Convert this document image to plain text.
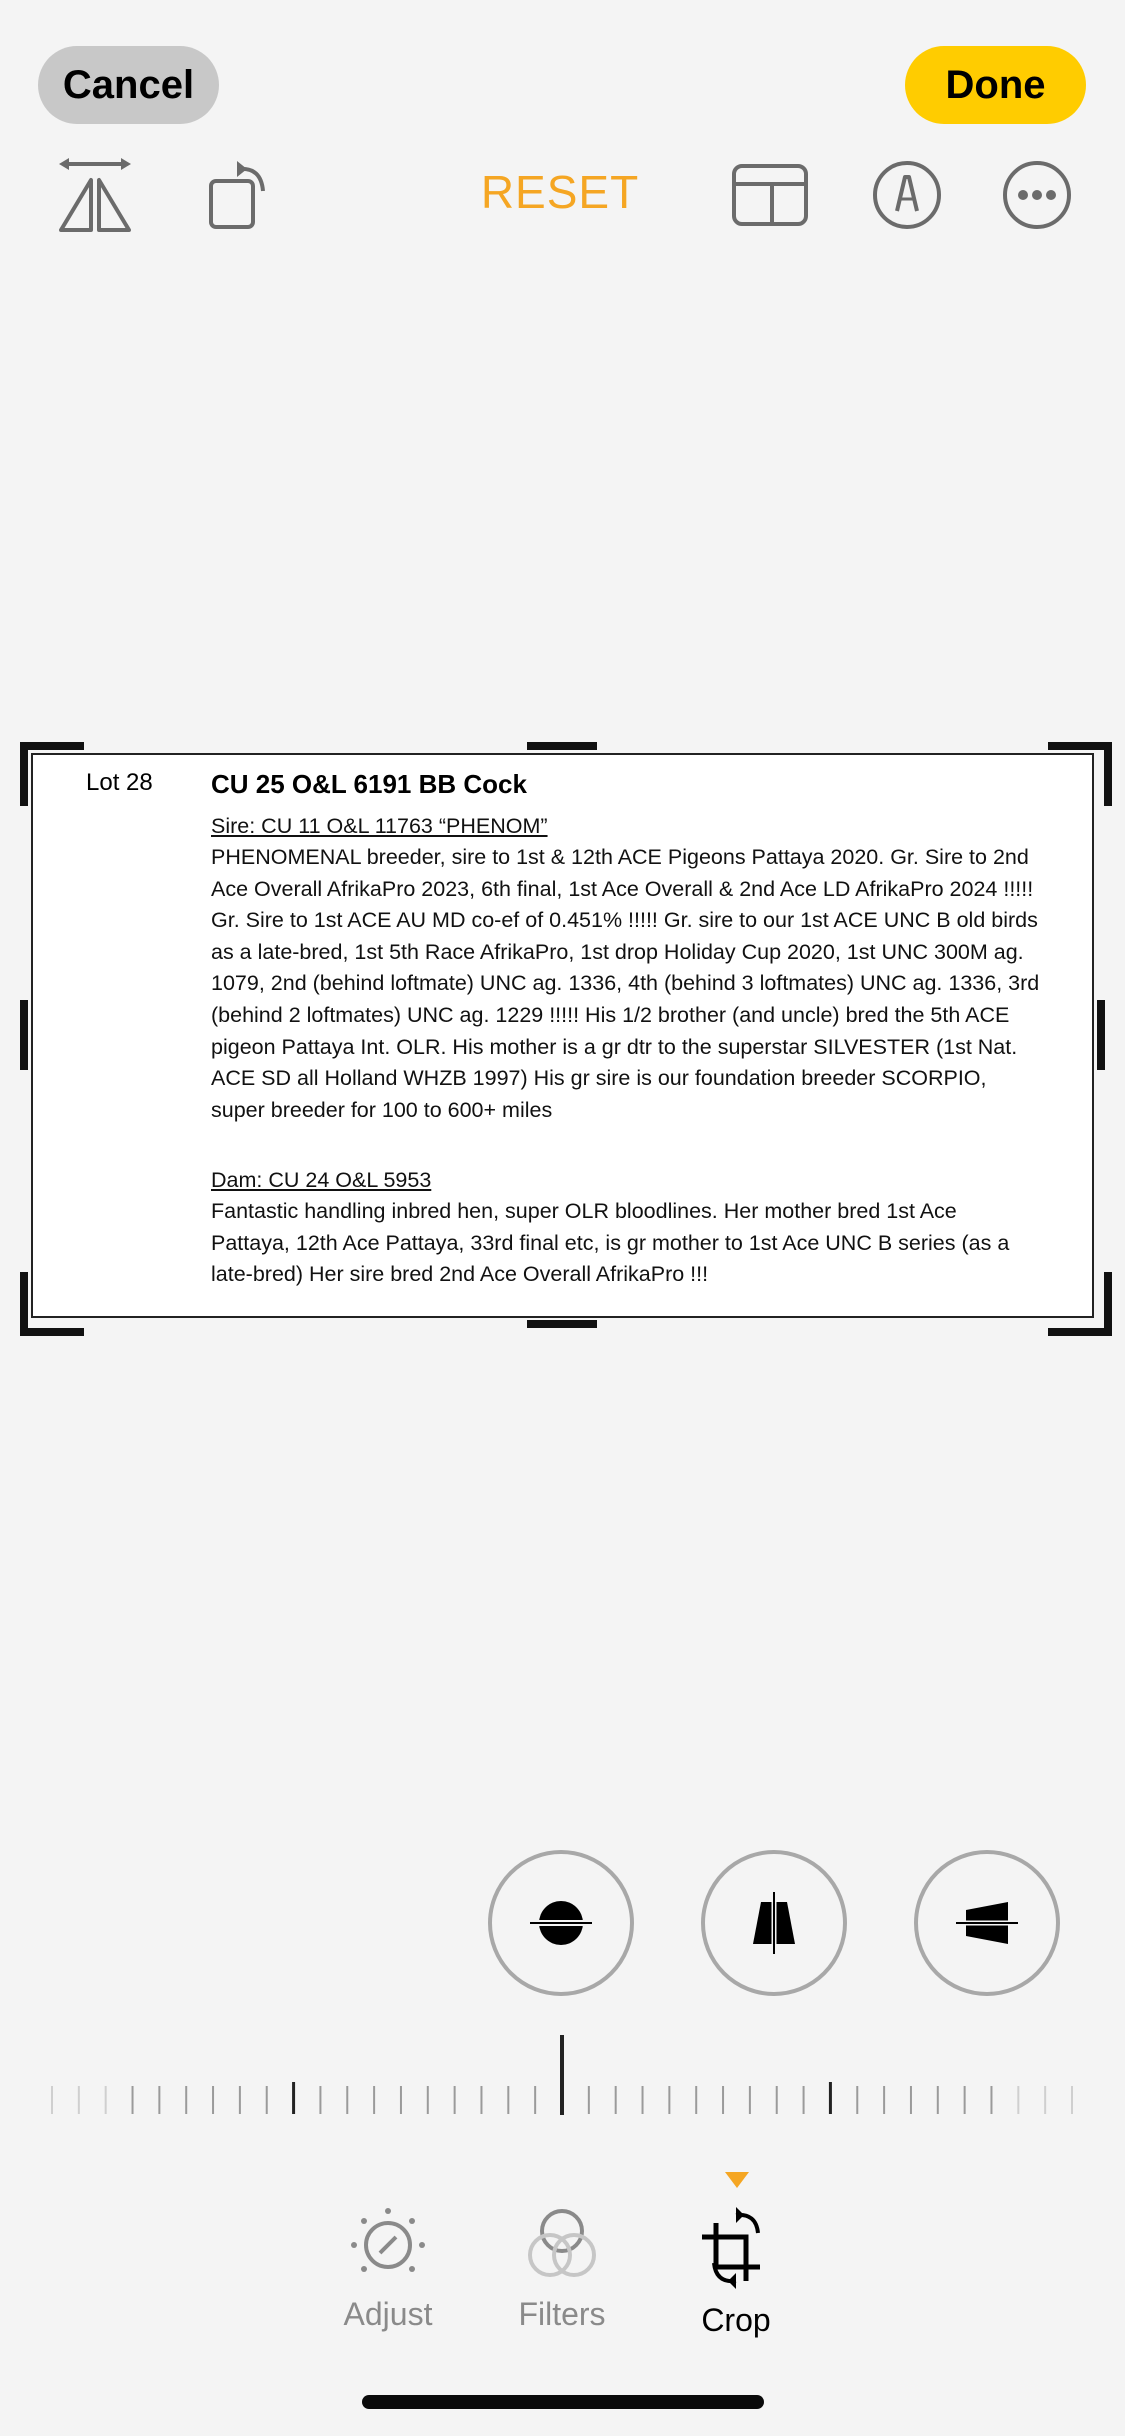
Cancel	Done
RESET
Lot 28 CU 25 O&L 6191 BB Cock
Sire: CU 11 O&L 11763 “PHENOM”
PHENOMENAL breeder, sire to 1st & 12th ACE Pigeons Pattaya 2020. Gr. Sire to 2nd Ace Overall AfrikaPro 2023, 6th final, 1st Ace Overall & 2nd Ace LD AfrikaPro 2024 !!!!! Gr. Sire to 1st ACE AU MD co-ef of 0.451% !!!!! Gr. sire to our 1st ACE UNC B old birds as a late-bred, 1st 5th Race AfrikaPro, 1st drop Holiday Cup 2020, 1st UNC 300M ag. 1079, 2nd (behind loftmate) UNC ag. 1336, 4th (behind 3 loftmates) UNC ag. 1336, 3rd (behind 2 loftmates) UNC ag. 1229 !!!!! His 1/2 brother (and uncle) bred the 5th ACE pigeon Pattaya Int. OLR. His mother is a gr dtr to the superstar SILVESTER (1st Nat. ACE SD all Holland WHZB 1997) His gr sire is our foundation breeder SCORPIO, super breeder for 100 to 600+ miles
Dam: CU 24 O&L 5953
Fantastic handling inbred hen, super OLR bloodlines. Her mother bred 1st Ace Pattaya, 12th Ace Pattaya, 33rd final etc, is gr mother to 1st Ace UNC B series (as a late-bred) Her sire bred 2nd Ace Overall AfrikaPro !!!
Adjust	Filters	Crop
